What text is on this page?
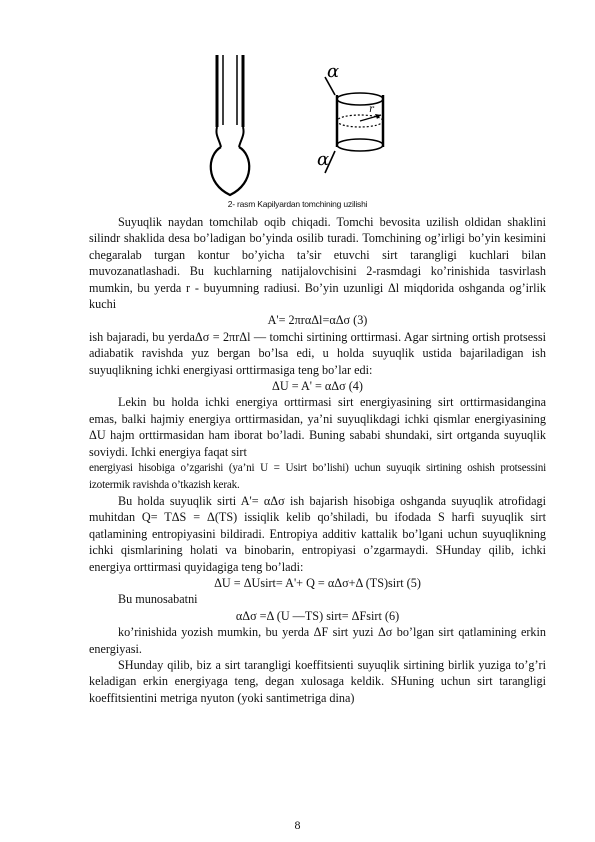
α
α
r
2- rasm Kapilyardan tomchining uzilishi

Suyuqlik naydan tomchilab oqib chiqadi. Tomchi bevosita uzilish oldidan shaklini silindr shaklida desa bo’ladigan bo’yinda osilib turadi. Tomchining og’irligi bo’yin kesimini chegaralab turgan kontur bo’yicha ta’sir etuvchi sirt tarangligi kuchlari bilan muvozanatlashadi. Bu kuchlarning natijalovchisini 2-rasmdagi ko’rinishida tasvirlash mumkin, bu yerda r - buyumning radiusi. Bo’yin uzunligi Δl miqdorida oshganda og’irlik kuchi

A'= 2πrαΔl=αΔσ (3)

ish bajaradi, bu yerdaΔσ = 2πrΔl — tomchi sirtining orttirmasi. Agar sirtning ortish protsessi adiabatik ravishda yuz bergan bo’lsa edi, u holda suyuqlik ustida bajariladigan ish suyuqlikning ichki energiyasi orttirmasiga teng bo’lar edi:

ΔU = A' = αΔσ (4)

Lekin bu holda ichki energiya orttirmasi sirt energiyasining sirt orttirmasidangina emas, balki hajmiy energiya orttirmasidan, ya’ni suyuqlikdagi ichki qismlar energiyasining ΔU hajm orttirmasidan ham iborat bo’ladi. Buning sababi shundaki, sirt ortganda suyuqlik soviydi. Ichki energiya faqat sirt

energiyasi hisobiga o’zgarishi (ya’ni U = Usirt bo’lishi) uchun suyuqik sirtining oshish protsessini izotermik ravishda o’tkazish kerak.

Bu holda suyuqlik sirti A'= αΔσ ish bajarish hisobiga oshganda suyuqlik atrofidagi muhitdan Q= TΔS = Δ(TS) issiqlik kelib qo’shiladi, bu ifodada S harfi suyuqlik sirt qatlamining entropiyasini bildiradi. Entropiya additiv kattalik bo’lgani uchun suyuqlikning ichki qismlarining holati va binobarin, entropiyasi o’zgarmaydi. SHunday qilib, ichki energiya orttirmasi quyidagiga teng bo’ladi:

ΔU = ΔUsirt= A'+ Q = αΔσ+Δ (TS)sirt (5)

Bu munosabatni

αΔσ =Δ (U —TS) sirt= ΔFsirt (6)

ko’rinishida yozish mumkin, bu yerda ΔF sirt yuzi Δσ bo’lgan sirt qatlamining erkin energiyasi.

SHunday qilib, biz a sirt tarangligi koeffitsienti suyuqlik sirtining birlik yuziga to’g’ri keladigan erkin energiyaga teng, degan xulosaga keldik. SHuning uchun sirt tarangligi koeffitsientini metriga nyuton (yoki santimetriga dina)

8
